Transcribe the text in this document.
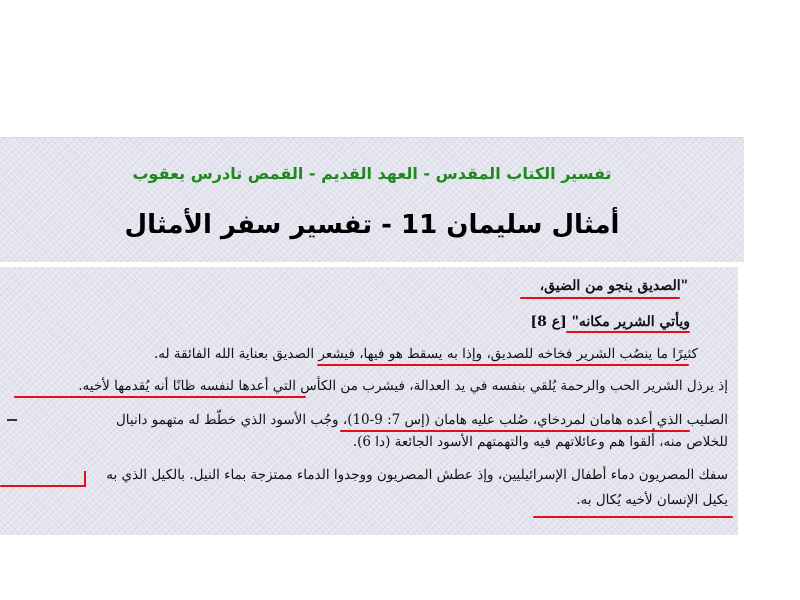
تفسير الكتاب المقدس - العهد القديم - القمص تادرس يعقوب
أمثال سليمان 11 - تفسير سفر الأمثال
"الصديق ينجو من الضيق،
ويأتي الشرير مكانه" [ع 8]
كثيرًا ما ينصُب الشرير فخاخه للصديق، وإذا به يسقط هو فيها، فيشعر الصديق بعناية الله الفائقة له.
إذ يرذل الشرير الحب والرحمة يُلقي بنفسه في يد العدالة، فيشرب من الكأس التي أعدها لنفسه ظانًا أنه يُقدمها لأخيه.
الصليب الذي أعده هامان لمردخاي، صُلب عليه هامان (إس 7: 9-10)، وجُب الأسود الذي خطّط له متهمو دانيال
للخلاص منه، أُلقوا هم وعائلاتهم فيه والتهمتهم الأسود الجائعة (دا 6).
سفك المصريون دماء أطفال الإسرائيليين، وإذ عطش المصريون ووجدوا الدماء ممتزجة بماء النيل. بالكيل الذي به
يكيل الإنسان لأخيه يُكال به.
